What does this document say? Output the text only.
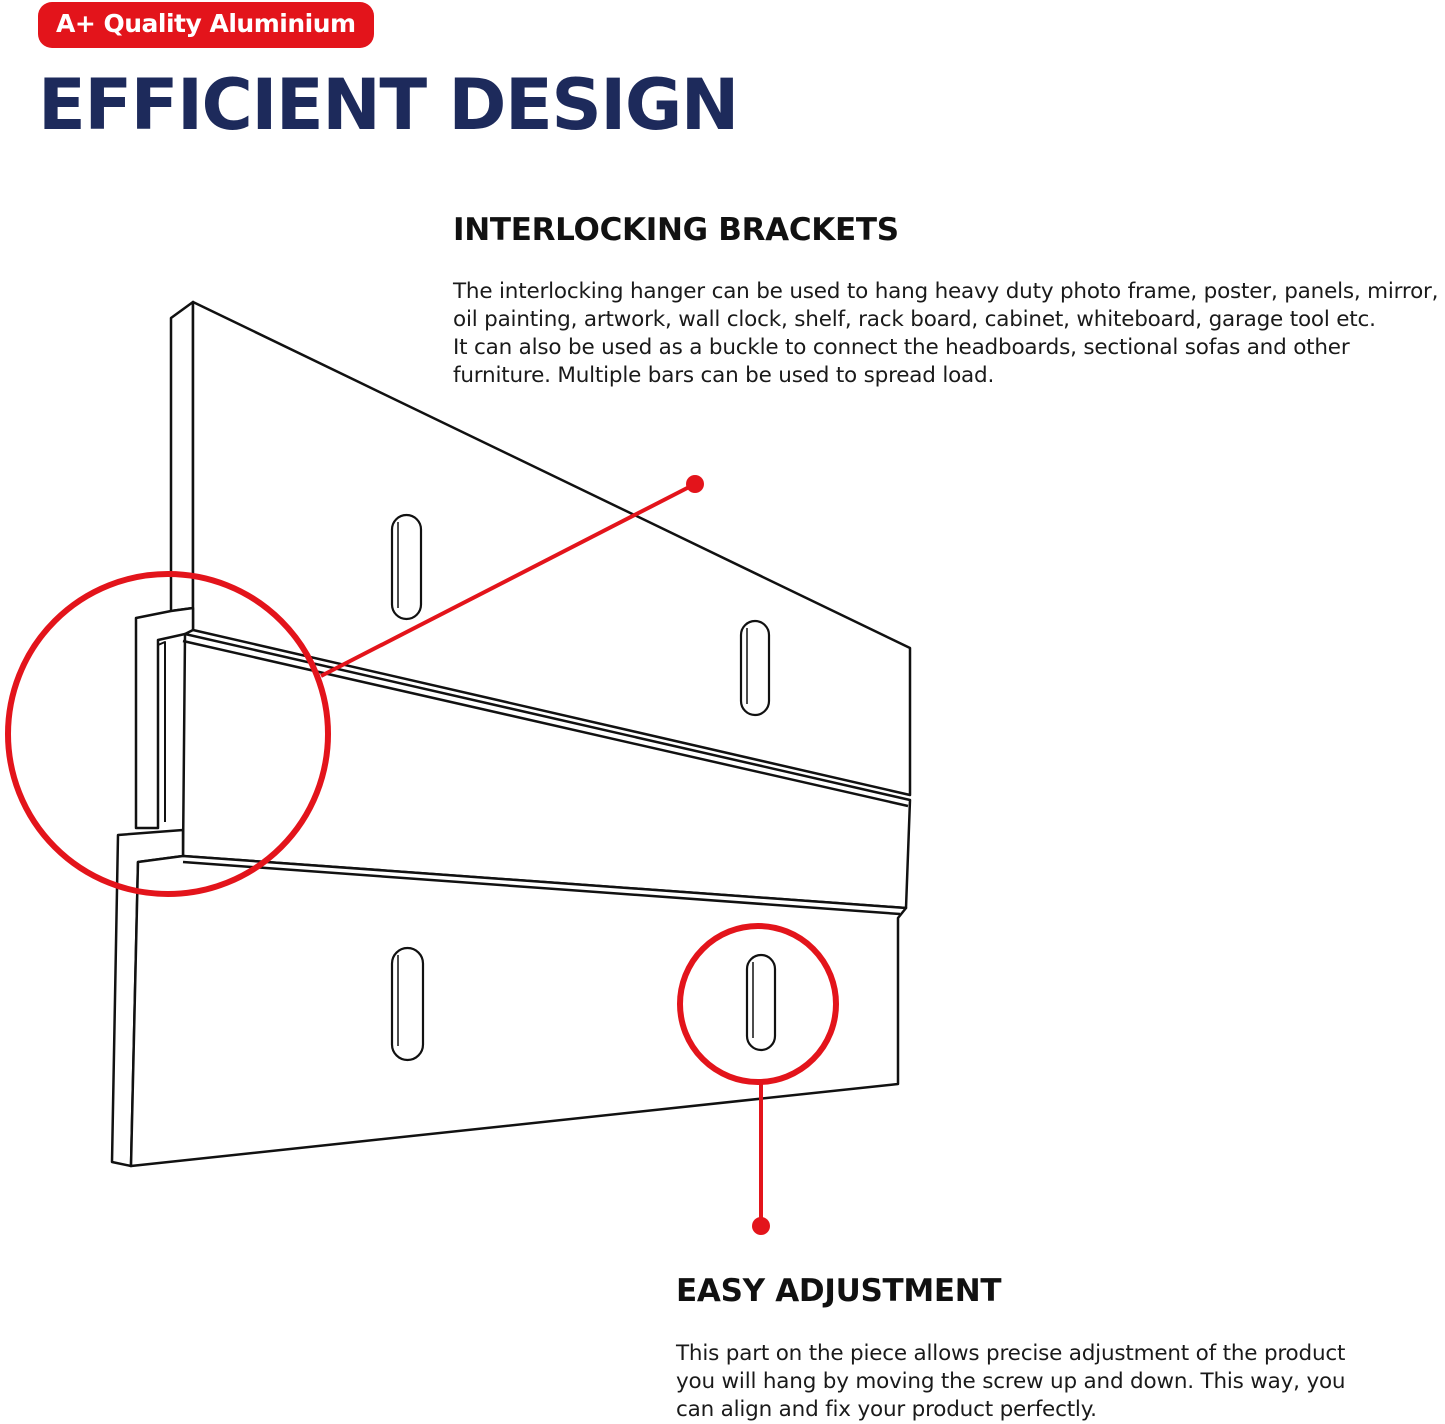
A+ Quality Aluminium
EFFICIENT DESIGN
INTERLOCKING BRACKETS

The interlocking hanger can be used to hang heavy duty photo frame, poster, panels, mirror,
oil painting, artwork, wall clock, shelf, rack board, cabinet, whiteboard, garage tool etc.
It can also be used as a buckle to connect the headboards, sectional sofas and other
furniture. Multiple bars can be used to spread load.

EASY ADJUSTMENT

This part on the piece allows precise adjustment of the product
you will hang by moving the screw up and down. This way, you
can align and fix your product perfectly.
